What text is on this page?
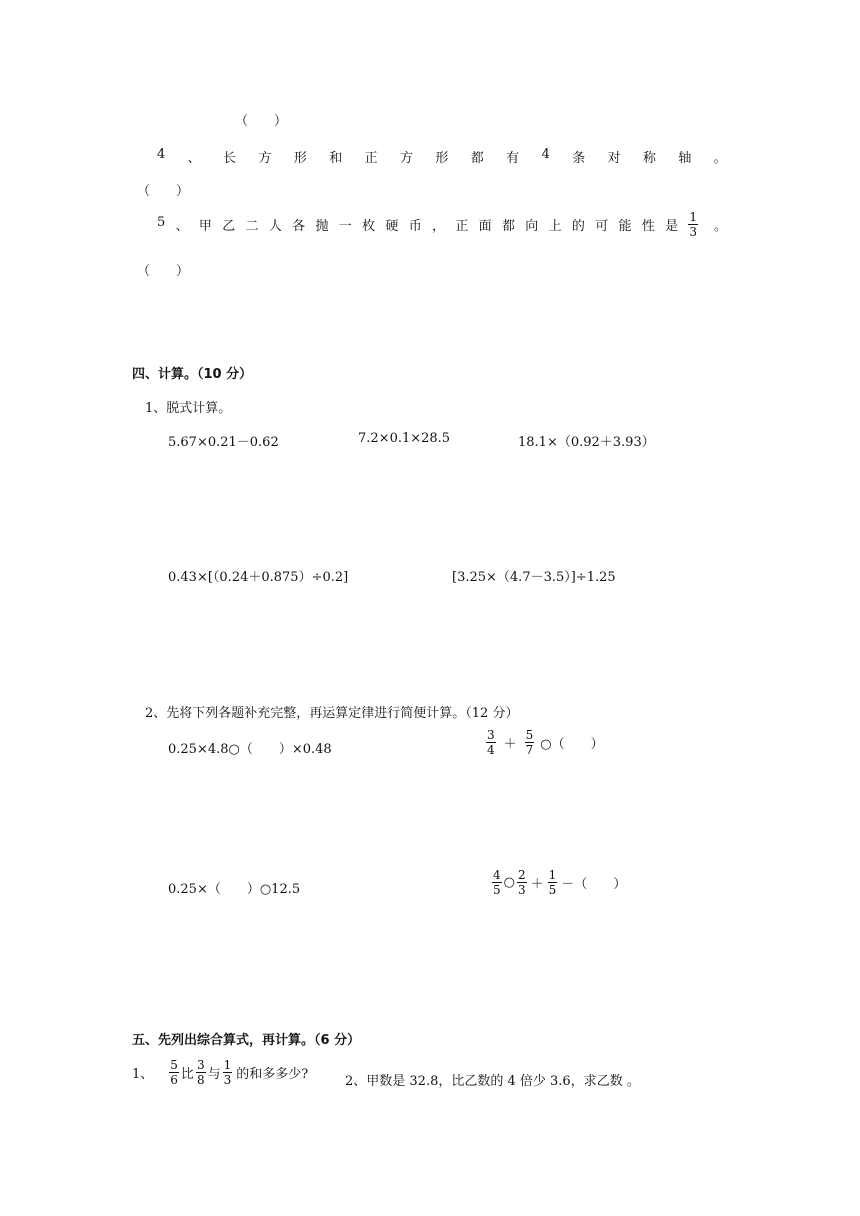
（　　）
4 、 长 方 形 和 正 方 形 都 有 4 条 对 称 轴 。
（　　）
5 、 甲 乙 二 人 各 抛 一 枚 硬 币 ， 正 面 都 向 上 的 可 能 性 是 $\frac{1}{3}$ 。
（　　）
四、计算。（10 分）
1、脱式计算。
5.67×0.21－0.62	7.2×0.1×28.5	18.1×（0.92＋3.93）
0.43×[（0.24＋0.875）÷0.2]	[3.25×（4.7－3.5）]÷1.25
2、先将下列各题补充完整，再运算定律进行简便计算。（12 分）
0.25×4.8○（　　）×0.48	$\frac{3}{4} + \frac{5}{7}$ ○（　　）
0.25×（　　）○12.5	$\frac{4}{5}$ ○ $\frac{2}{3} + \frac{1}{5}$ －（　　）
五、先列出综合算式，再计算。（6 分）
1、 $\frac{5}{6}$ 比 $\frac{3}{8}$ 与 $\frac{1}{3}$ 的和多多少?	2、甲数是 32.8，比乙数的 4 倍少 3.6，求乙数 。
